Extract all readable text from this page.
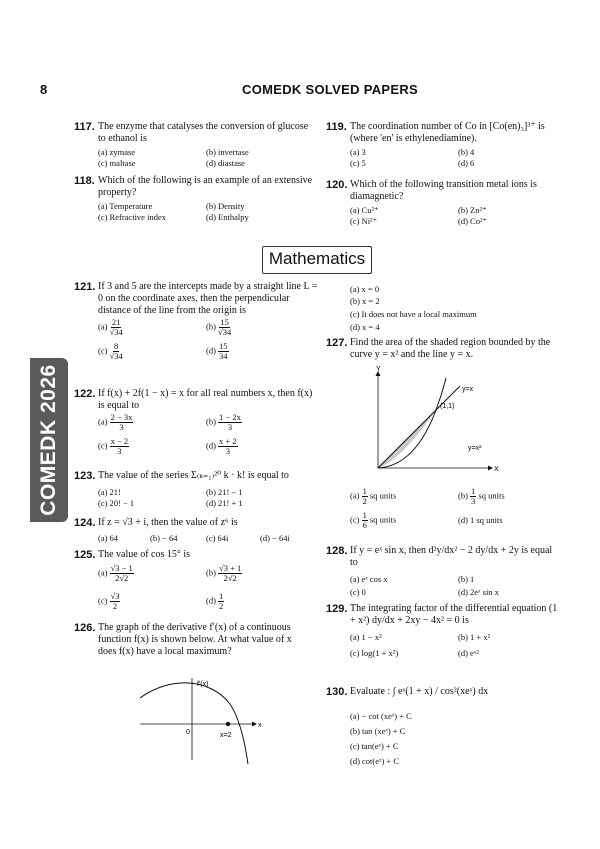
8	COMEDK SOLVED PAPERS
COMEDK 2026
117. The enzyme that catalyses the conversion of glucose to ethanol is
(a) zymase	(b) invertase
(c) maltase	(d) diastase
118. Which of the following is an example of an extensive property?
(a) Temperature	(b) Density
(c) Refractive index	(d) Enthalpy
119. The coordination number of Co in [Co(en)₃]³⁺ is (where 'en' is ethylenediamine).
(a) 3	(b) 4
(c) 5	(d) 6
120. Which of the following transition metal ions is diamagnetic?
(a) Cu²⁺	(b) Zn²⁺
(c) Ni²⁺	(d) Co²⁺
Mathematics
121. If 3 and 5 are the intercepts made by a straight line L = 0 on the coordinate axes, then the perpendicular distance of the line from the origin is
$(a) \frac{21}{√34}$	$(b) \frac{15}{√34}$
$(c) \frac{8}{√34}$	$(d) \frac{15}{34}$
122. If f(x) + 2f(1 − x) = x for all real numbers x, then f(x) is equal to
$(a) \frac{2 - 3x}{3}$	$(b) \frac{1 - 2x}{3}$
$(c) \frac{x - 2}{3}$	$(d) \frac{x + 2}{3}$
123. The value of the series Σ₍ₖ₌₁₎²⁰ k · k! is equal to
(a) 21!	(b) 21! − 1
(c) 20! − 1	(d) 21! + 1
124. If z = √3 + i, then the value of z⁶ is
(a) 64	(b) − 64	(c) 64i	(d) − 64i
125. The value of cos 15° is
$(a) \frac{√3 - 1}{2√2}$	$(b) \frac{√3 + 1}{2√2}$
$(c) \frac{√3}{2}$	$(d) \frac{1}{2}$
126. The graph of the derivative f′(x) of a continuous function f(x) is shown below. At what value of x does f(x) have a local maximum?
f′(x)
x
0	x=2
(a) x = 0
(b) x = 2
(c) It does not have a local maximum
(d) x = 4
127. Find the area of the shaded region bounded by the curve y = x² and the line y = x.
Y
X
y=x
(1,1)
y=x²
$(a) \frac{1}{2}$ sq units	$(b) \frac{1}{3}$ sq units
$(c) \frac{1}{6}$ sq units	(d) 1 sq units
128. If y = eˣ sin x, then d²y/dx² − 2 dy/dx + 2y is equal to
(a) eˣ cos x	(b) 1
(c) 0	(d) 2eˣ sin x
129. The integrating factor of the differential equation (1 + x²) dy/dx + 2xy − 4x² = 0 is
(a) 1 − x²	(b) 1 + x²
(c) log(1 + x²)	(d) eˣ²
130. Evaluate : ∫ eˣ(1 + x) / cos²(xeˣ) dx
(a) − cot (xeˣ) + C
(b) tan (xeˣ) + C
(c) tan(eˣ) + C
(d) cot(eˣ) + C
